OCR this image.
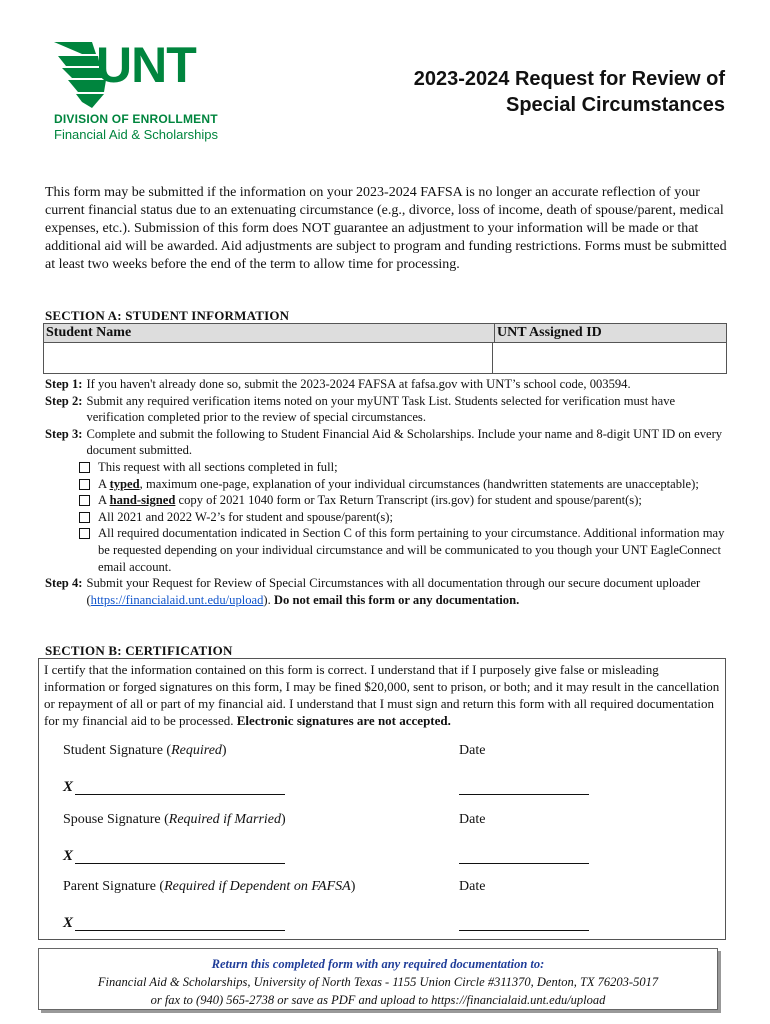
UNT
DIVISION OF ENROLLMENT
Financial Aid & Scholarships
2023-2024 Request for Review of
Special Circumstances
This form may be submitted if the information on your 2023-2024 FAFSA is no longer an accurate reflection of your current financial status due to an extenuating circumstance (e.g., divorce, loss of income, death of spouse/parent, medical expenses, etc.). Submission of this form does NOT guarantee an adjustment to your information will be made or that additional aid will be awarded. Aid adjustments are subject to program and funding restrictions. Forms must be submitted at least two weeks before the end of the term to allow time for processing.
SECTION A: STUDENT INFORMATION
Student Name	UNT Assigned ID
Step 1: If you haven't already done so, submit the 2023-2024 FAFSA at fafsa.gov with UNT’s school code, 003594.
Step 2: Submit any required verification items noted on your myUNT Task List. Students selected for verification must have verification completed prior to the review of special circumstances.
Step 3: Complete and submit the following to Student Financial Aid & Scholarships. Include your name and 8-digit UNT ID on every document submitted.
This request with all sections completed in full;
A typed, maximum one-page, explanation of your individual circumstances (handwritten statements are unacceptable);
A hand-signed copy of 2021 1040 form or Tax Return Transcript (irs.gov) for student and spouse/parent(s);
All 2021 and 2022 W-2’s for student and spouse/parent(s);
All required documentation indicated in Section C of this form pertaining to your circumstance. Additional information may be requested depending on your individual circumstance and will be communicated to you though your UNT EagleConnect email account.
Step 4: Submit your Request for Review of Special Circumstances with all documentation through our secure document uploader (https://financialaid.unt.edu/upload). Do not email this form or any documentation.
SECTION B: CERTIFICATION
I certify that the information contained on this form is correct. I understand that if I purposely give false or misleading information or forged signatures on this form, I may be fined $20,000, sent to prison, or both; and it may result in the cancellation or repayment of all or part of my financial aid. I understand that I must sign and return this form with all required documentation for my financial aid to be processed. Electronic signatures are not accepted.
Student Signature (Required)	Date
X
Spouse Signature (Required if Married)	Date
X
Parent Signature (Required if Dependent on FAFSA)	Date
X
Return this completed form with any required documentation to:
Financial Aid & Scholarships, University of North Texas - 1155 Union Circle #311370, Denton, TX 76203-5017
or fax to (940) 565-2738 or save as PDF and upload to https://financialaid.unt.edu/upload
